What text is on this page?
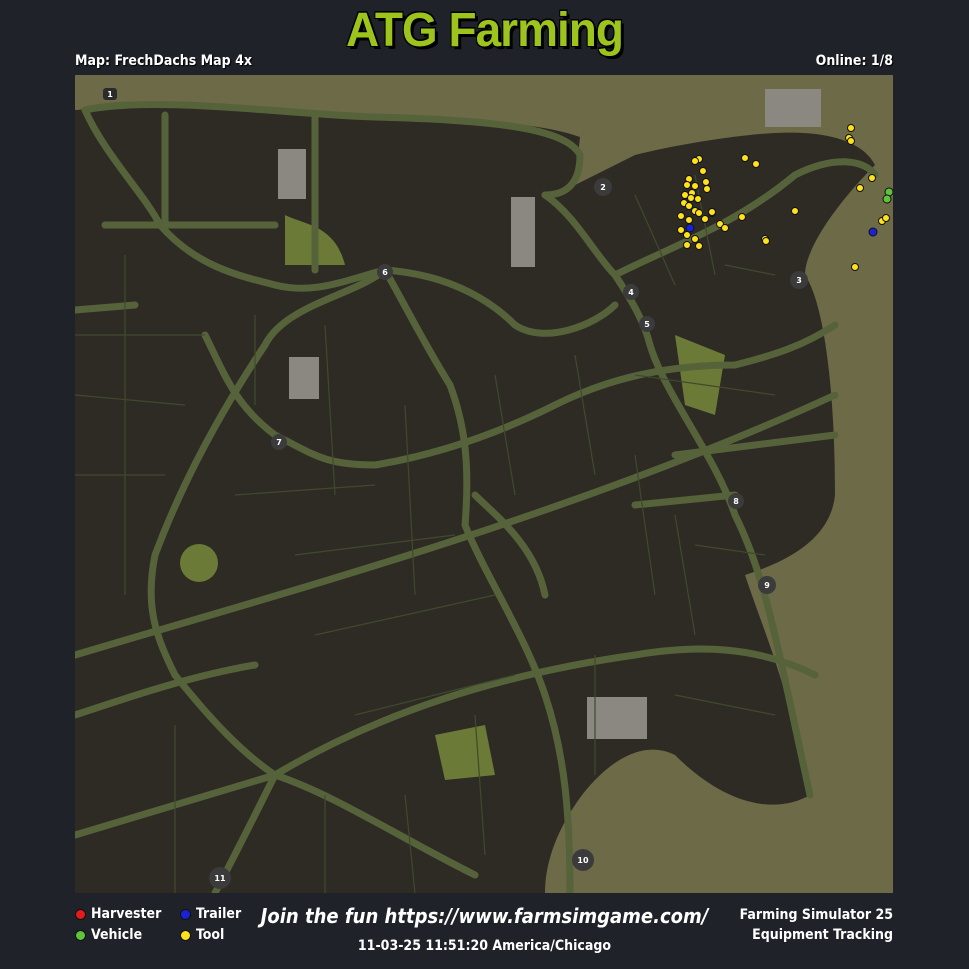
ATG Farming
Map: FrechDachs Map 4x	Online: 1/8
1
2
3
4
5
6
7
8
9
10
11
Harvester Trailer
Vehicle	Tool
Join the fun https://www.farmsimgame.com/
11-03-25 11:51:20 America/Chicago
Farming Simulator 25
Equipment Tracking
